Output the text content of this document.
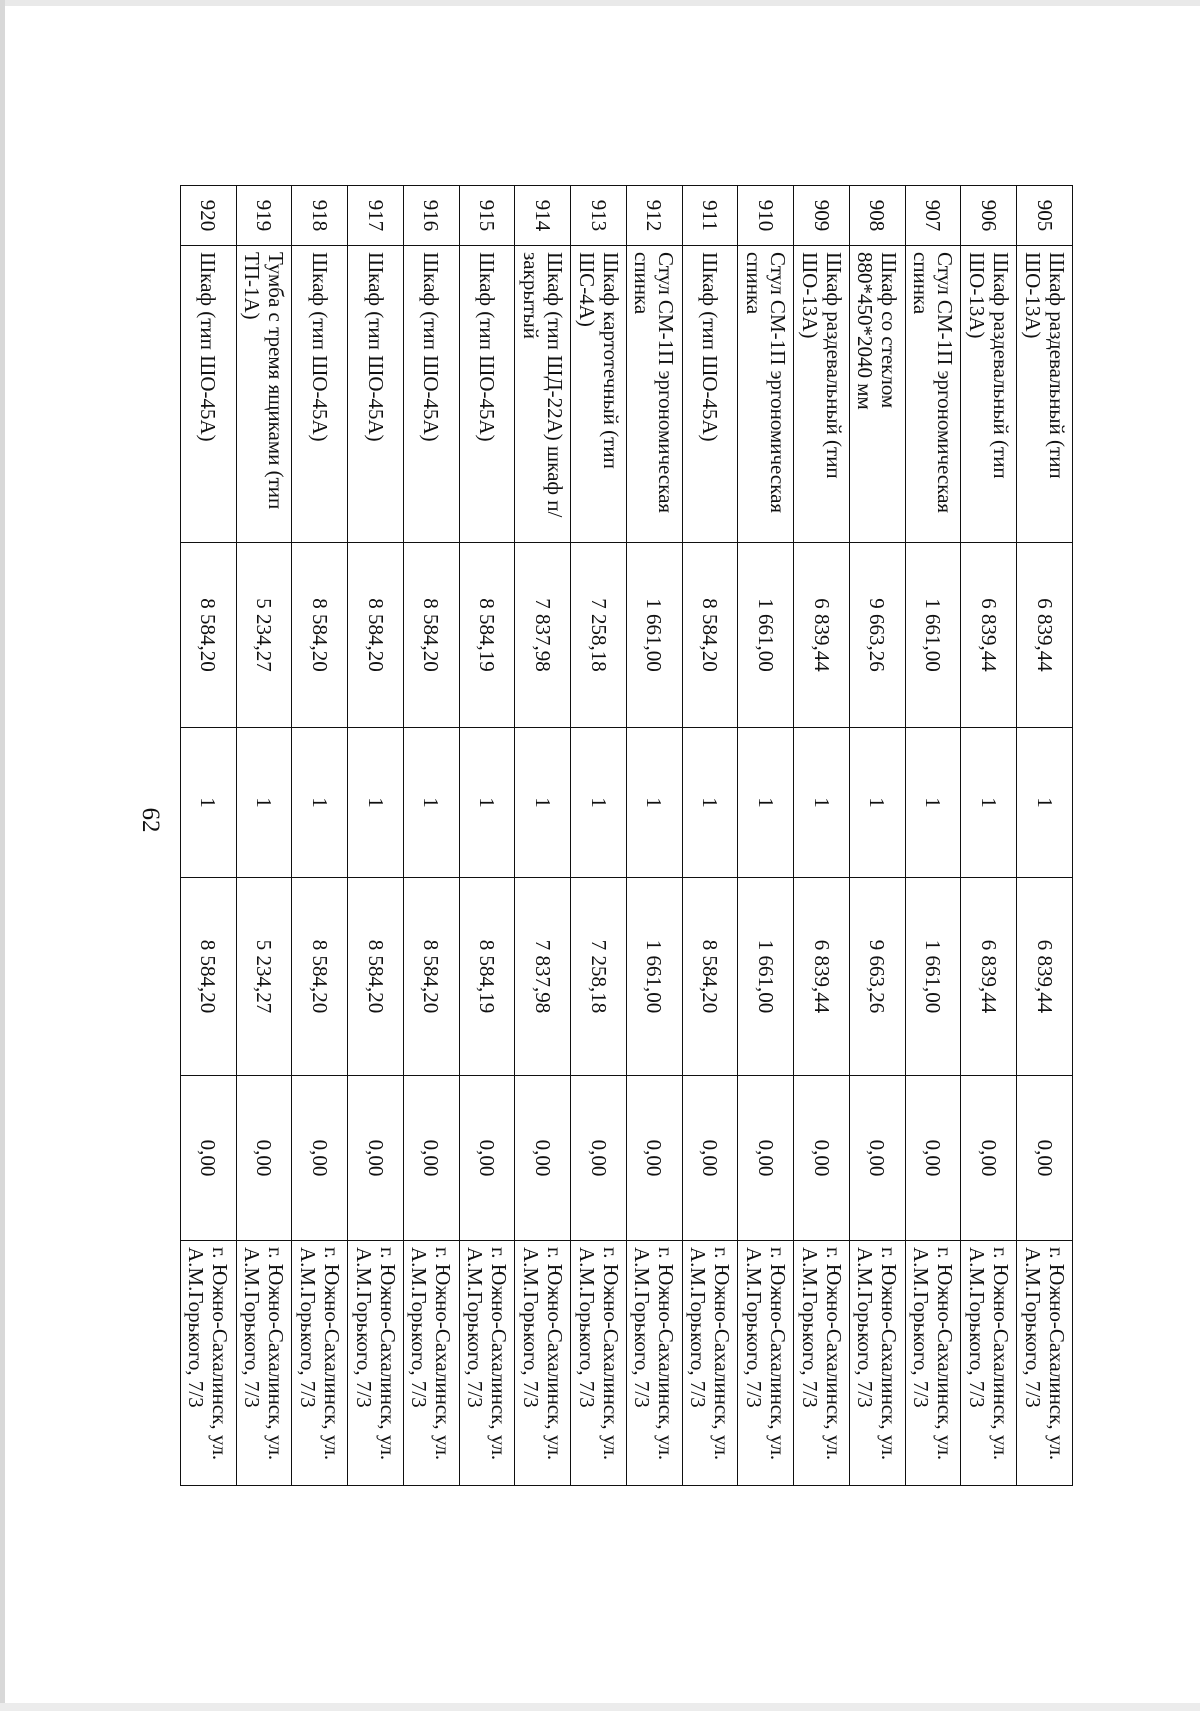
62
905	Шкаф раздевальный (тип ШО-13А)	6 839,44	1	6 839,44	0,00	г. Южно-Сахалинск, ул. А.М.Горького, 7/3
906	Шкаф раздевальный (тип ШО-13А)	6 839,44	1	6 839,44	0,00	г. Южно-Сахалинск, ул. А.М.Горького, 7/3
907	Стул СМ-1П эргономическая спинка	1 661,00	1	1 661,00	0,00	г. Южно-Сахалинск, ул. А.М.Горького, 7/3
908	Шкаф со стеклом 880*450*2040 мм	9 663,26	1	9 663,26	0,00	г. Южно-Сахалинск, ул. А.М.Горького, 7/3
909	Шкаф раздевальный (тип ШО-13А)	6 839,44	1	6 839,44	0,00	г. Южно-Сахалинск, ул. А.М.Горького, 7/3
910	Стул СМ-1П эргономическая спинка	1 661,00	1	1 661,00	0,00	г. Южно-Сахалинск, ул. А.М.Горького, 7/3
911	Шкаф (тип ШО-45А)	8 584,20	1	8 584,20	0,00	г. Южно-Сахалинск, ул. А.М.Горького, 7/3
912	Стул СМ-1П эргономическая спинка	1 661,00	1	1 661,00	0,00	г. Южно-Сахалинск, ул. А.М.Горького, 7/3
913	Шкаф картотечный (тип ШС-4А)	7 258,18	1	7 258,18	0,00	г. Южно-Сахалинск, ул. А.М.Горького, 7/3
914	Шкаф (тип ШД-22А) шкаф п/закрытый	7 837,98	1	7 837,98	0,00	г. Южно-Сахалинск, ул. А.М.Горького, 7/3
915	Шкаф (тип ШО-45А)	8 584,19	1	8 584,19	0,00	г. Южно-Сахалинск, ул. А.М.Горького, 7/3
916	Шкаф (тип ШО-45А)	8 584,20	1	8 584,20	0,00	г. Южно-Сахалинск, ул. А.М.Горького, 7/3
917	Шкаф (тип ШО-45А)	8 584,20	1	8 584,20	0,00	г. Южно-Сахалинск, ул. А.М.Горького, 7/3
918	Шкаф (тип ШО-45А)	8 584,20	1	8 584,20	0,00	г. Южно-Сахалинск, ул. А.М.Горького, 7/3
919	Тумба с тремя ящиками (тип ТП-1А)	5 234,27	1	5 234,27	0,00	г. Южно-Сахалинск, ул. А.М.Горького, 7/3
920	Шкаф (тип ШО-45А)	8 584,20	1	8 584,20	0,00	г. Южно-Сахалинск, ул. А.М.Горького, 7/3
